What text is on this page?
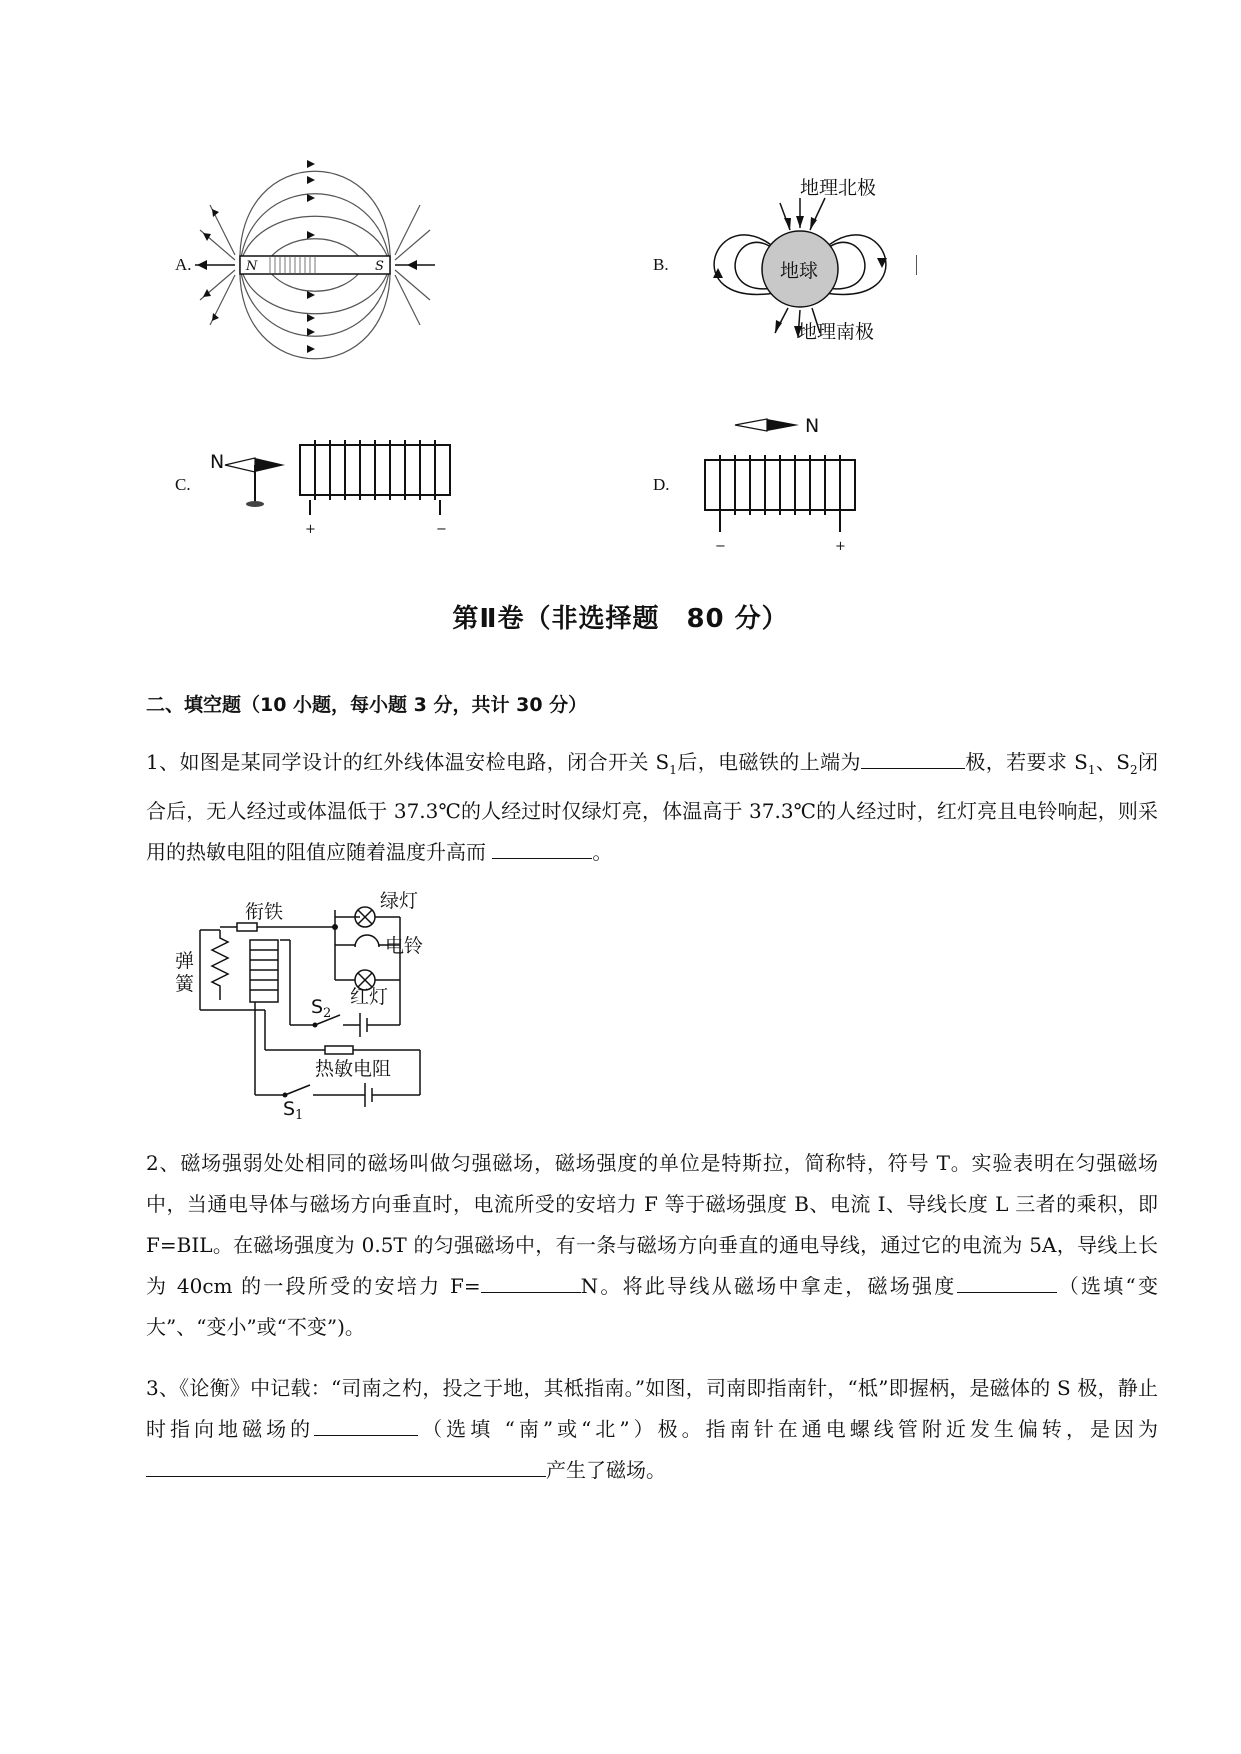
A.	N	S	B.	地球
地理北极
地理南极
C.
N
+	−
D.
N
−	+
第Ⅱ卷（非选择题　80 分）
二、填空题（10 小题，每小题 3 分，共计 30 分）
1、如图是某同学设计的红外线体温安检电路，闭合开关 $S_1$后，电磁铁的上端为	极，若要求 $S_1$、$S_2$闭合后，无人经过或体温低于 37.3℃的人经过时仅绿灯亮，体温高于 37.3℃的人经过时，红灯亮且电铃响起，则采用的热敏电阻的阻值应随着温度升高而	。
衔铁
弹
簧
绿灯
电铃
S 2
红灯
热敏电阻
S 1
2、磁场强弱处处相同的磁场叫做匀强磁场，磁场强度的单位是特斯拉，简称特，符号 T。实验表明在匀强磁场中，当通电导体与磁场方向垂直时，电流所受的安培力 F 等于磁场强度 B、电流 I、导线长度 L 三者的乘积，即 F=BIL。在磁场强度为 0.5T 的匀强磁场中，有一条与磁场方向垂直的通电导线，通过它的电流为 5A，导线上长为 40cm 的一段所受的安培力 F=	N。将此导线从磁场中拿走，磁场强度	（选填“变大”、“变小”或“不变”)。
3、《论衡》中记载：“司南之杓，投之于地，其柢指南。”如图，司南即指南针，“柢”即握柄，是磁体的 S 极，静止时指向地磁场的	（选填 “南”或“北”）极。指南针在通电螺线管附近发生偏转，是因为产生了磁场。
